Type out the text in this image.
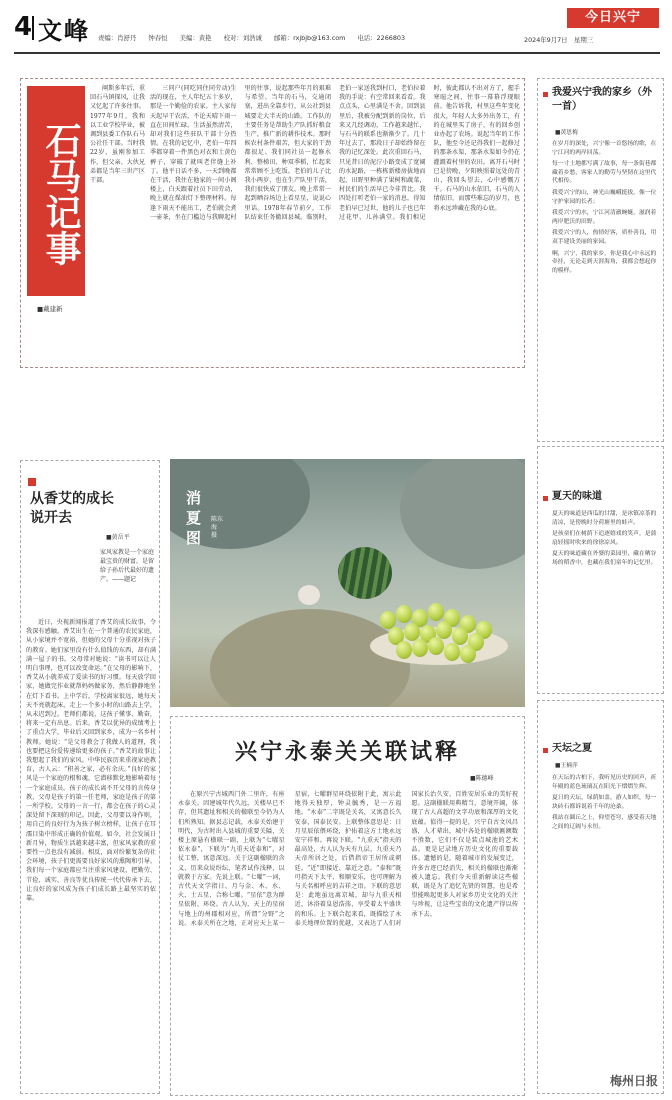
4 文峰 责编：肖舒丹 钟春恒 美编：黄艳 校对：刘浩诚 邮箱：rxjbjb@163.com 电话：2266803
今日兴宁
2024年9月7日　星期三
石马记事
■戴建新
阐斯多年后，重回石马镇探风，让我又忆起了许多往事。1977年9月，我和以工业学校毕业，被调到县委工作队石马公社任干部。当时我22岁，虽刚参加工作，但父亲、大伙兄弟都是当年三世产区干部。
三同户(同吃同住同劳动)生活的现在，主人年纪五十多岁，那是一个勤俭的农家。主人家每天起早干农活，不论天晴下雨一直在田间忙碌。生活虽然清苦，却对我们这些驻队干部十分热情。在我的记忆中，老伯一年四季都穿着一件黑色对衣和土黄色裤子，穿破了就叫老伴缝上补丁。他平日话不多，一天到晚都在干活，我住在他家的一间小阁楼上，白天跟着社员下田劳动，晚上就在煤油灯下整理材料。每逢下雨天不能出工，老伯就会煮一壶茶，坐在门槛边与我聊起村里的往事，说起那些年月的艰难与希望。当年的石马，交通闭塞，进出全靠步行，从公社到县城要走大半天的山路。工作队的主要任务是帮助生产队抓好粮食生产，推广新的耕作技术。那时候农村条件艰苦，但大家的干劲都很足。我们同社员一起修水利、整梯田、种双季稻，忙起来常常顾不上吃饭。老伯的儿子比我小两岁，也在生产队里干活，我们很快成了朋友，晚上常常一起到晒谷场边上看星星，说说心里话。1978年春节前夕，工作队结束任务撤回县城。临别时，老伯一家送我到村口，老伯拉着我的手说：有空常回来看看。我点点头，心里满是不舍。回到县里后，我被分配到新的岗位，后来又几经调动，工作越来越忙，与石马的联系也渐渐少了。几十年过去了，那段日子却始终留在我的记忆深处。此次重回石马，只见昔日的泥泞小路变成了宽阔的水泥路，一栋栋新楼房拔地而起，田野里种满了果树和蔬菜，村民们的生活早已今非昔比。我四处打听老伯一家的消息，得知老伯早已过世，他的儿子也已年过花甲，儿孙满堂。我们相见时，彼此都认不出对方了，握手寒暄之间，往事一幕幕浮现眼前。他告诉我，村里这些年变化很大，年轻人大多外出务工，有的在城里买了房子，有的回乡创业办起了农场。说起当年的工作队，他至今还记得我们一起修过的那条水渠，那条水渠如今仍在灌溉着村里的农田。离开石马时已是傍晚，夕阳映照着远处的青山，我回头望去，心中感慨万千。石马的山水依旧，石马的人情依旧，而那些难忘的岁月，也将永远珍藏在我的心底。
从香艾的成长说开去
■黄岳平
家风家教是一个家庭最宝贵的财富，是留给子孙后代最好的遗产。——题记
近日，央视新闻报道了香艾的成长故事，令我深有感触。香艾出生在一个普通的农民家庭，从小家境并不宽裕，但她的父母十分重视对孩子的教育。她们家里没有什么值钱的东西，却有满满一屋子的书。父母常对她说：“读书可以让人明白事理，也可以改变命运。”在父母的影响下，香艾从小就养成了爱读书的好习惯。每天放学回家，她做完作业就帮妈妈做家务，然后静静地坐在灯下看书。上中学后，学校离家很远，她每天天不亮就起床，走上一个多小时的山路去上学，从未迟到过。老师们都说，这孩子懂事、勤奋，将来一定有出息。后来，香艾以优异的成绩考上了重点大学，毕业后又回到家乡，成为一名乡村教师。她说：“是父母教会了我做人的道理，我也要把这份爱传递给更多的孩子。”香艾的故事让我想起了我们的家风。中华民族历来重视家庭教育，古人云：“积善之家，必有余庆。”良好的家风是一个家庭的根和魂，它潜移默化地影响着每一个家庭成员。孩子的成长离不开父母的言传身教，父母是孩子的第一任老师，家庭是孩子的第一所学校。父母的一言一行，都会在孩子的心灵深处留下深刻的印记。因此，父母要以身作则，用自己的良好行为为孩子树立榜样，让孩子在耳濡目染中形成正确的价值观。如今，社会发展日新月异，物质生活越来越丰富，但家风家教的重要性一点也没有减弱。相反，面对纷繁复杂的社会环境，孩子们更需要良好家风的熏陶和引导。我们每一个家庭都应当注重家风建设，把勤劳、节俭、诚实、善良等优良传统一代代传承下去，让良好的家风成为孩子们成长路上最坚实的依靠。
消夏图
陈东海　摄
兴宁永泰关关联试释
■陈德峰
在原兴宁古城西门外二里许，有座永泰关。因建城年代久远，关楼早已不存，但其遗址和相关的楹联至今仍为人们所熟知。据县志记载，永泰关始建于明代，为古时出入县城的重要关隘，关楼上原悬有楹联一副，上联为“七曜星依永泰”，下联为“九重天近泰和”，对仗工整，寓意深远。关于这副楹联的含义，历来众说纷纭，笔者试作浅释，以就教于方家。先说上联。“七曜”一词，古代天文学指日、月与金、木、水、火、土五星，合称七曜。“星依”意为群星依附、环绕。古人认为，天上的星宿与地上的州郡相对应，所谓“分野”之说。永泰关所在之地，正对应天上某一星宿，七曜群星环绕依附于此，寓示此地得天独厚，钟灵毓秀，是一方福地。“永泰”二字既是关名，又寓意长久安泰，国泰民安。上联整体意思是：日月星辰依偎环绕，护佑着这方土地永远安宁祥和。再说下联。“九重天”指天的最高处，古人认为天有九层，九重天乃天帝所居之处，后借指帝王居所或朝廷。“近”即接近、靠近之意。“泰和”既可指天下太平、和顺安乐，也可理解为与关名相呼应的吉祥之语。下联的意思是：此地虽远离京城，却与九重天相近，沐浴着皇恩浩荡，享受着太平盛世的和乐。上下联合起来看，既描绘了永泰关地理位置的优越，又表达了人们对国家长治久安、百姓安居乐业的美好祝愿。这副楹联用典精当，意境开阔，体现了古人高超的文字功底和深厚的文化底蕴。值得一提的是，兴宁自古文风昌盛，人才辈出，城中各处的楹联匾额数不胜数，它们不仅是装点城池的艺术品，更是记录地方历史文化的重要载体。遗憾的是，随着城市的发展变迁，许多古迹已经消失，相关的楹联也渐渐被人遗忘。我们今天重新解读这些楹联，既是为了追忆先贤的智慧，也是希望能唤起更多人对家乡历史文化的关注与珍视，让这些宝贵的文化遗产得以传承下去。
我爱兴宁我的家乡（外一首）
■黄思梅

在岁月的深处，兴宁像一首悠扬的歌，在宁江河的两岸回荡。

每一寸土地都写满了故事，每一条街巷都藏着乡愁，客家人的勤劳与坚韧在这里代代相传。

我爱兴宁的山，神光山巍峨挺拔，像一位守护家园的长者；

我爱兴宁的水，宁江河清澈蜿蜒，滋润着两岸肥沃的田野。

我爱兴宁的人，热情好客，质朴善良，用双手建设美丽的家园。

啊，兴宁，我的家乡，你是我心中永远的牵挂，无论走到天涯海角，我都会想起你的模样。

夏天的味道

夏天的味道是西瓜的甘甜，是冰镇凉茶的清凉，是傍晚时分荷塘里的蛙声。

是孩童们在树荫下追逐嬉戏的笑声，是蒲扇轻摇时吹来的徐徐凉风。

夏天的味道藏在外婆的菜园里，藏在晒谷场的稻香中，也藏在我们童年的记忆里。

天坛之夏
■王楠萍

在天坛的古柏下，我听见历史的回声，祈年殿的蓝色琉璃瓦在阳光下熠熠生辉。

夏日的天坛，绿荫如盖，游人如织，每一块砖石都诉说着千年的沧桑。

我站在圜丘之上，仰望苍穹，感受着天地之间的辽阔与永恒。

梅州日报
